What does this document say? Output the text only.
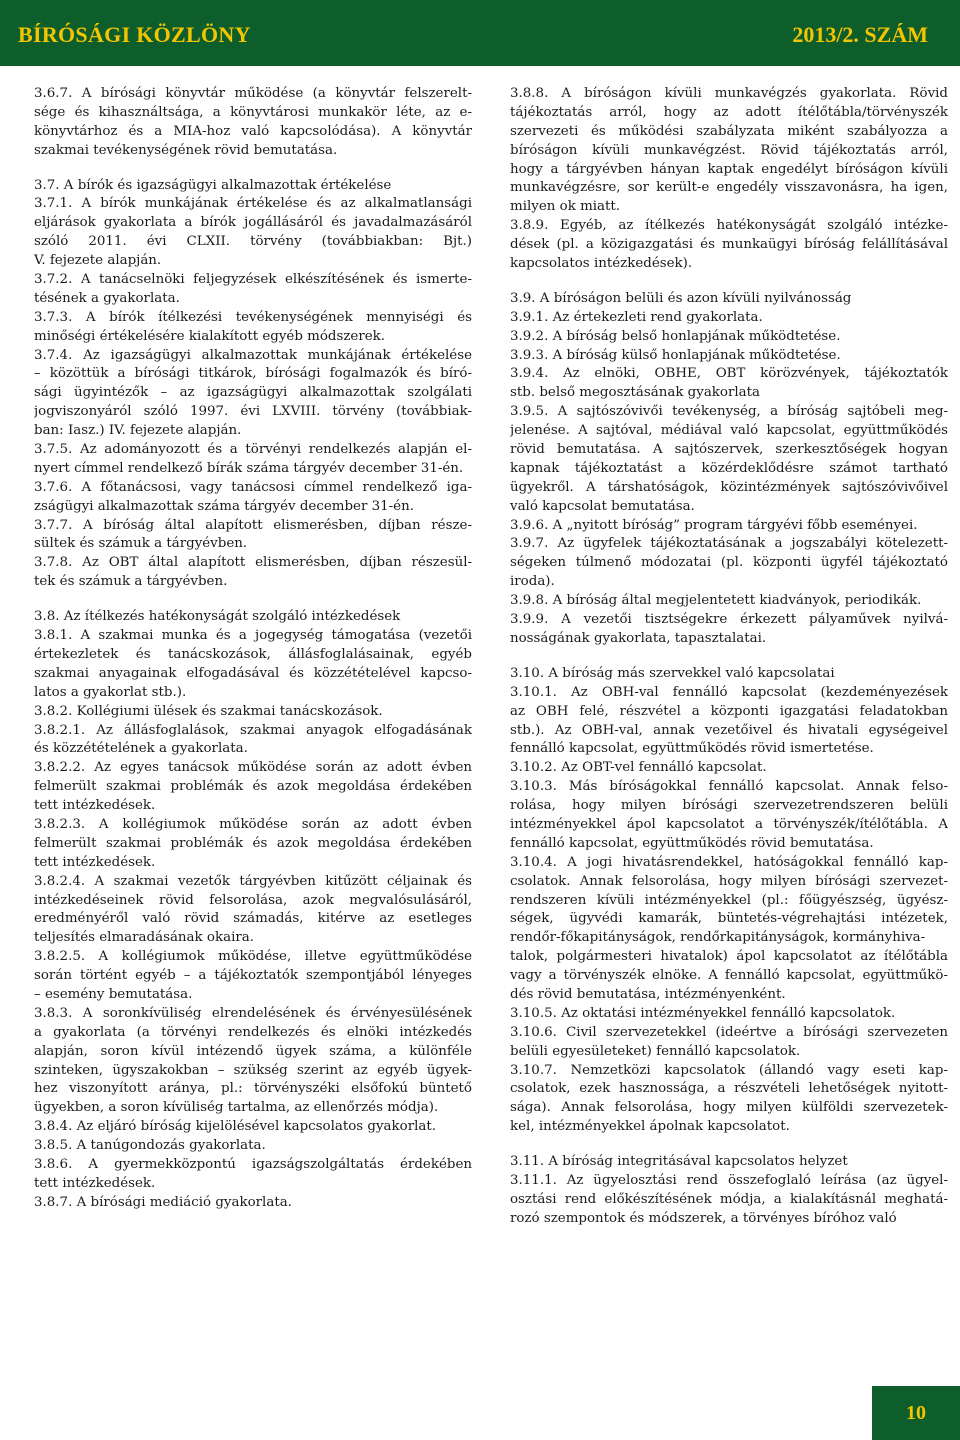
BÍRÓSÁGI KÖZLÖNY	2013/2. SZÁM
3.6.7. A bírósági könyvtár működése (a könyvtár felszerelt-
sége és kihasználtsága, a könyvtárosi munkakör léte, az e-
könyvtárhoz és a MIA-hoz való kapcsolódása). A könyvtár
szakmai tevékenységének rövid bemutatása.
3.7. A bírók és igazságügyi alkalmazottak értékelése
3.7.1. A bírók munkájának értékelése és az alkalmatlansági
eljárások gyakorlata a bírók jogállásáról és javadalmazásáról
szóló 2011. évi CLXII. törvény (továbbiakban: Bjt.)
V. fejezete alapján.
3.7.2. A tanácselnöki feljegyzések elkészítésének és ismerte-
tésének a gyakorlata.
3.7.3. A bírók ítélkezési tevékenységének mennyiségi és
minőségi értékelésére kialakított egyéb módszerek.
3.7.4. Az igazságügyi alkalmazottak munkájának értékelése
– közöttük a bírósági titkárok, bírósági fogalmazók és bíró-
sági ügyintézők – az igazságügyi alkalmazottak szolgálati
jogviszonyáról szóló 1997. évi LXVIII. törvény (továbbiak-
ban: Iasz.) IV. fejezete alapján.
3.7.5. Az adományozott és a törvényi rendelkezés alapján el-
nyert címmel rendelkező bírák száma tárgyév december 31-én.
3.7.6. A főtanácsosi, vagy tanácsosi címmel rendelkező iga-
zságügyi alkalmazottak száma tárgyév december 31-én.
3.7.7. A bíróság által alapított elismerésben, díjban része-
sültek és számuk a tárgyévben.
3.7.8. Az OBT által alapított elismerésben, díjban részesül-
tek és számuk a tárgyévben.
3.8. Az ítélkezés hatékonyságát szolgáló intézkedések
3.8.1. A szakmai munka és a jogegység támogatása (vezetői
értekezletek és tanácskozások, állásfoglalásainak, egyéb
szakmai anyagainak elfogadásával és közzétételével kapcso-
latos a gyakorlat stb.).
3.8.2. Kollégiumi ülések és szakmai tanácskozások.
3.8.2.1. Az állásfoglalások, szakmai anyagok elfogadásának
és közzétételének a gyakorlata.
3.8.2.2. Az egyes tanácsok működése során az adott évben
felmerült szakmai problémák és azok megoldása érdekében
tett intézkedések.
3.8.2.3. A kollégiumok működése során az adott évben
felmerült szakmai problémák és azok megoldása érdekében
tett intézkedések.
3.8.2.4. A szakmai vezetők tárgyévben kitűzött céljainak és
intézkedéseinek rövid felsorolása, azok megvalósulásáról,
eredményéről való rövid számadás, kitérve az esetleges
teljesítés elmaradásának okaira.
3.8.2.5. A kollégiumok működése, illetve együttműködése
során történt egyéb – a tájékoztatók szempontjából lényeges
– esemény bemutatása.
3.8.3. A soronkívüliség elrendelésének és érvényesülésének
a gyakorlata (a törvényi rendelkezés és elnöki intézkedés
alapján, soron kívül intézendő ügyek száma, a különféle
szinteken, ügyszakokban – szükség szerint az egyéb ügyek-
hez viszonyított aránya, pl.: törvényszéki elsőfokú büntető
ügyekben, a soron kívüliség tartalma, az ellenőrzés módja).
3.8.4. Az eljáró bíróság kijelölésével kapcsolatos gyakorlat.
3.8.5. A tanúgondozás gyakorlata.
3.8.6. A gyermekközpontú igazságszolgáltatás érdekében
tett intézkedések.
3.8.7. A bírósági mediáció gyakorlata.
3.8.8. A bíróságon kívüli munkavégzés gyakorlata. Rövid
tájékoztatás arról, hogy az adott ítélőtábla/törvényszék
szervezeti és működési szabályzata miként szabályozza a
bíróságon kívüli munkavégzést. Rövid tájékoztatás arról,
hogy a tárgyévben hányan kaptak engedélyt bíróságon kívüli
munkavégzésre, sor került-e engedély visszavonásra, ha igen,
milyen ok miatt.
3.8.9. Egyéb, az ítélkezés hatékonyságát szolgáló intézke-
dések (pl. a közigazgatási és munkaügyi bíróság felállításával
kapcsolatos intézkedések).
3.9. A bíróságon belüli és azon kívüli nyilvánosság
3.9.1. Az értekezleti rend gyakorlata.
3.9.2. A bíróság belső honlapjának működtetése.
3.9.3. A bíróság külső honlapjának működtetése.
3.9.4. Az elnöki, OBHE, OBT körözvények, tájékoztatók
stb. belső megosztásának gyakorlata
3.9.5. A sajtószóvivői tevékenység, a bíróság sajtóbeli meg-
jelenése. A sajtóval, médiával való kapcsolat, együttműködés
rövid bemutatása. A sajtószervek, szerkesztőségek hogyan
kapnak tájékoztatást a közérdeklődésre számot tartható
ügyekről. A társhatóságok, közintézmények sajtószóvivőivel
való kapcsolat bemutatása.
3.9.6. A „nyitott bíróság” program tárgyévi főbb eseményei.
3.9.7. Az ügyfelek tájékoztatásának a jogszabályi kötelezett-
ségeken túlmenő módozatai (pl. központi ügyfél tájékoztató
iroda).
3.9.8. A bíróság által megjelentetett kiadványok, periodikák.
3.9.9. A vezetői tisztségekre érkezett pályaművek nyilvá-
nosságának gyakorlata, tapasztalatai.
3.10. A bíróság más szervekkel való kapcsolatai
3.10.1. Az OBH-val fennálló kapcsolat (kezdeményezések
az OBH felé, részvétel a központi igazgatási feladatokban
stb.). Az OBH-val, annak vezetőivel és hivatali egységeivel
fennálló kapcsolat, együttműködés rövid ismertetése.
3.10.2. Az OBT-vel fennálló kapcsolat.
3.10.3. Más bíróságokkal fennálló kapcsolat. Annak felso-
rolása, hogy milyen bírósági szervezetrendszeren belüli
intézményekkel ápol kapcsolatot a törvényszék/ítélőtábla. A
fennálló kapcsolat, együttműködés rövid bemutatása.
3.10.4. A jogi hivatásrendekkel, hatóságokkal fennálló kap-
csolatok. Annak felsorolása, hogy milyen bírósági szervezet-
rendszeren kívüli intézményekkel (pl.: főügyészség, ügyész-
ségek, ügyvédi kamarák, büntetés-végrehajtási intézetek,
rendőr-főkapitányságok, rendőrkapitányságok, kormányhiva-
talok, polgármesteri hivatalok) ápol kapcsolatot az ítélőtábla
vagy a törvényszék elnöke. A fennálló kapcsolat, együttműkö-
dés rövid bemutatása, intézményenként.
3.10.5. Az oktatási intézményekkel fennálló kapcsolatok.
3.10.6. Civil szervezetekkel (ideértve a bírósági szervezeten
belüli egyesületeket) fennálló kapcsolatok.
3.10.7. Nemzetközi kapcsolatok (állandó vagy eseti kap-
csolatok, ezek hasznossága, a részvételi lehetőségek nyitott-
sága). Annak felsorolása, hogy milyen külföldi szervezetek-
kel, intézményekkel ápolnak kapcsolatot.
3.11. A bíróság integritásával kapcsolatos helyzet
3.11.1. Az ügyelosztási rend összefoglaló leírása (az ügyel-
osztási rend előkészítésének módja, a kialakításnál meghatá-
rozó szempontok és módszerek, a törvényes bíróhoz való
10
